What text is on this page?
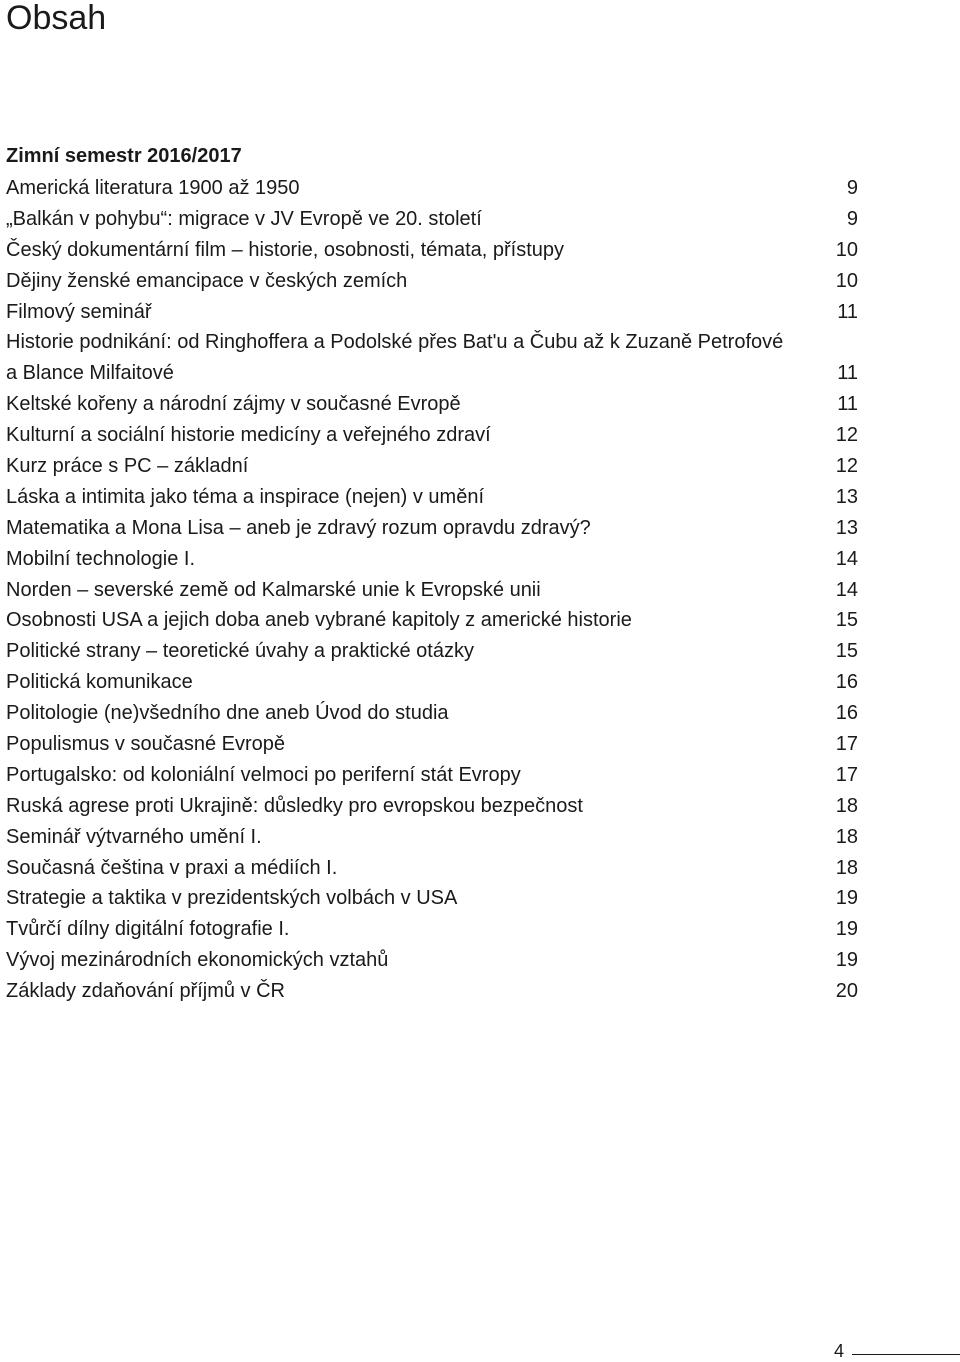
Obsah
Zimní semestr 2016/2017
Americká literatura 1900 až 1950	9
„Balkán v pohybu“: migrace v JV Evropě ve 20. století	9
Český dokumentární film – historie, osobnosti, témata, přístupy	10
Dějiny ženské emancipace v českých zemích	10
Filmový seminář	11
Historie podnikání: od Ringhoffera a Podolské přes Bat'u a Čubu až k Zuzaně Petrofové
a Blance Milfaitové	11
Keltské kořeny a národní zájmy v současné Evropě	11
Kulturní a sociální historie medicíny a veřejného zdraví	12
Kurz práce s PC – základní	12
Láska a intimita jako téma a inspirace (nejen) v umění	13
Matematika a Mona Lisa – aneb je zdravý rozum opravdu zdravý?	13
Mobilní technologie I.	14
Norden – severské země od Kalmarské unie k Evropské unii	14
Osobnosti USA a jejich doba aneb vybrané kapitoly z americké historie	15
Politické strany – teoretické úvahy a praktické otázky	15
Politická komunikace	16
Politologie (ne)všedního dne aneb Úvod do studia	16
Populismus v současné Evropě	17
Portugalsko: od koloniální velmoci po periferní stát Evropy	17
Ruská agrese proti Ukrajině: důsledky pro evropskou bezpečnost	18
Seminář výtvarného umění I.	18
Současná čeština v praxi a médiích I.	18
Strategie a taktika v prezidentských volbách v USA	19
Tvůrčí dílny digitální fotografie I.	19
Vývoj mezinárodních ekonomických vztahů	19
Základy zdaňování příjmů v ČR	20
4
